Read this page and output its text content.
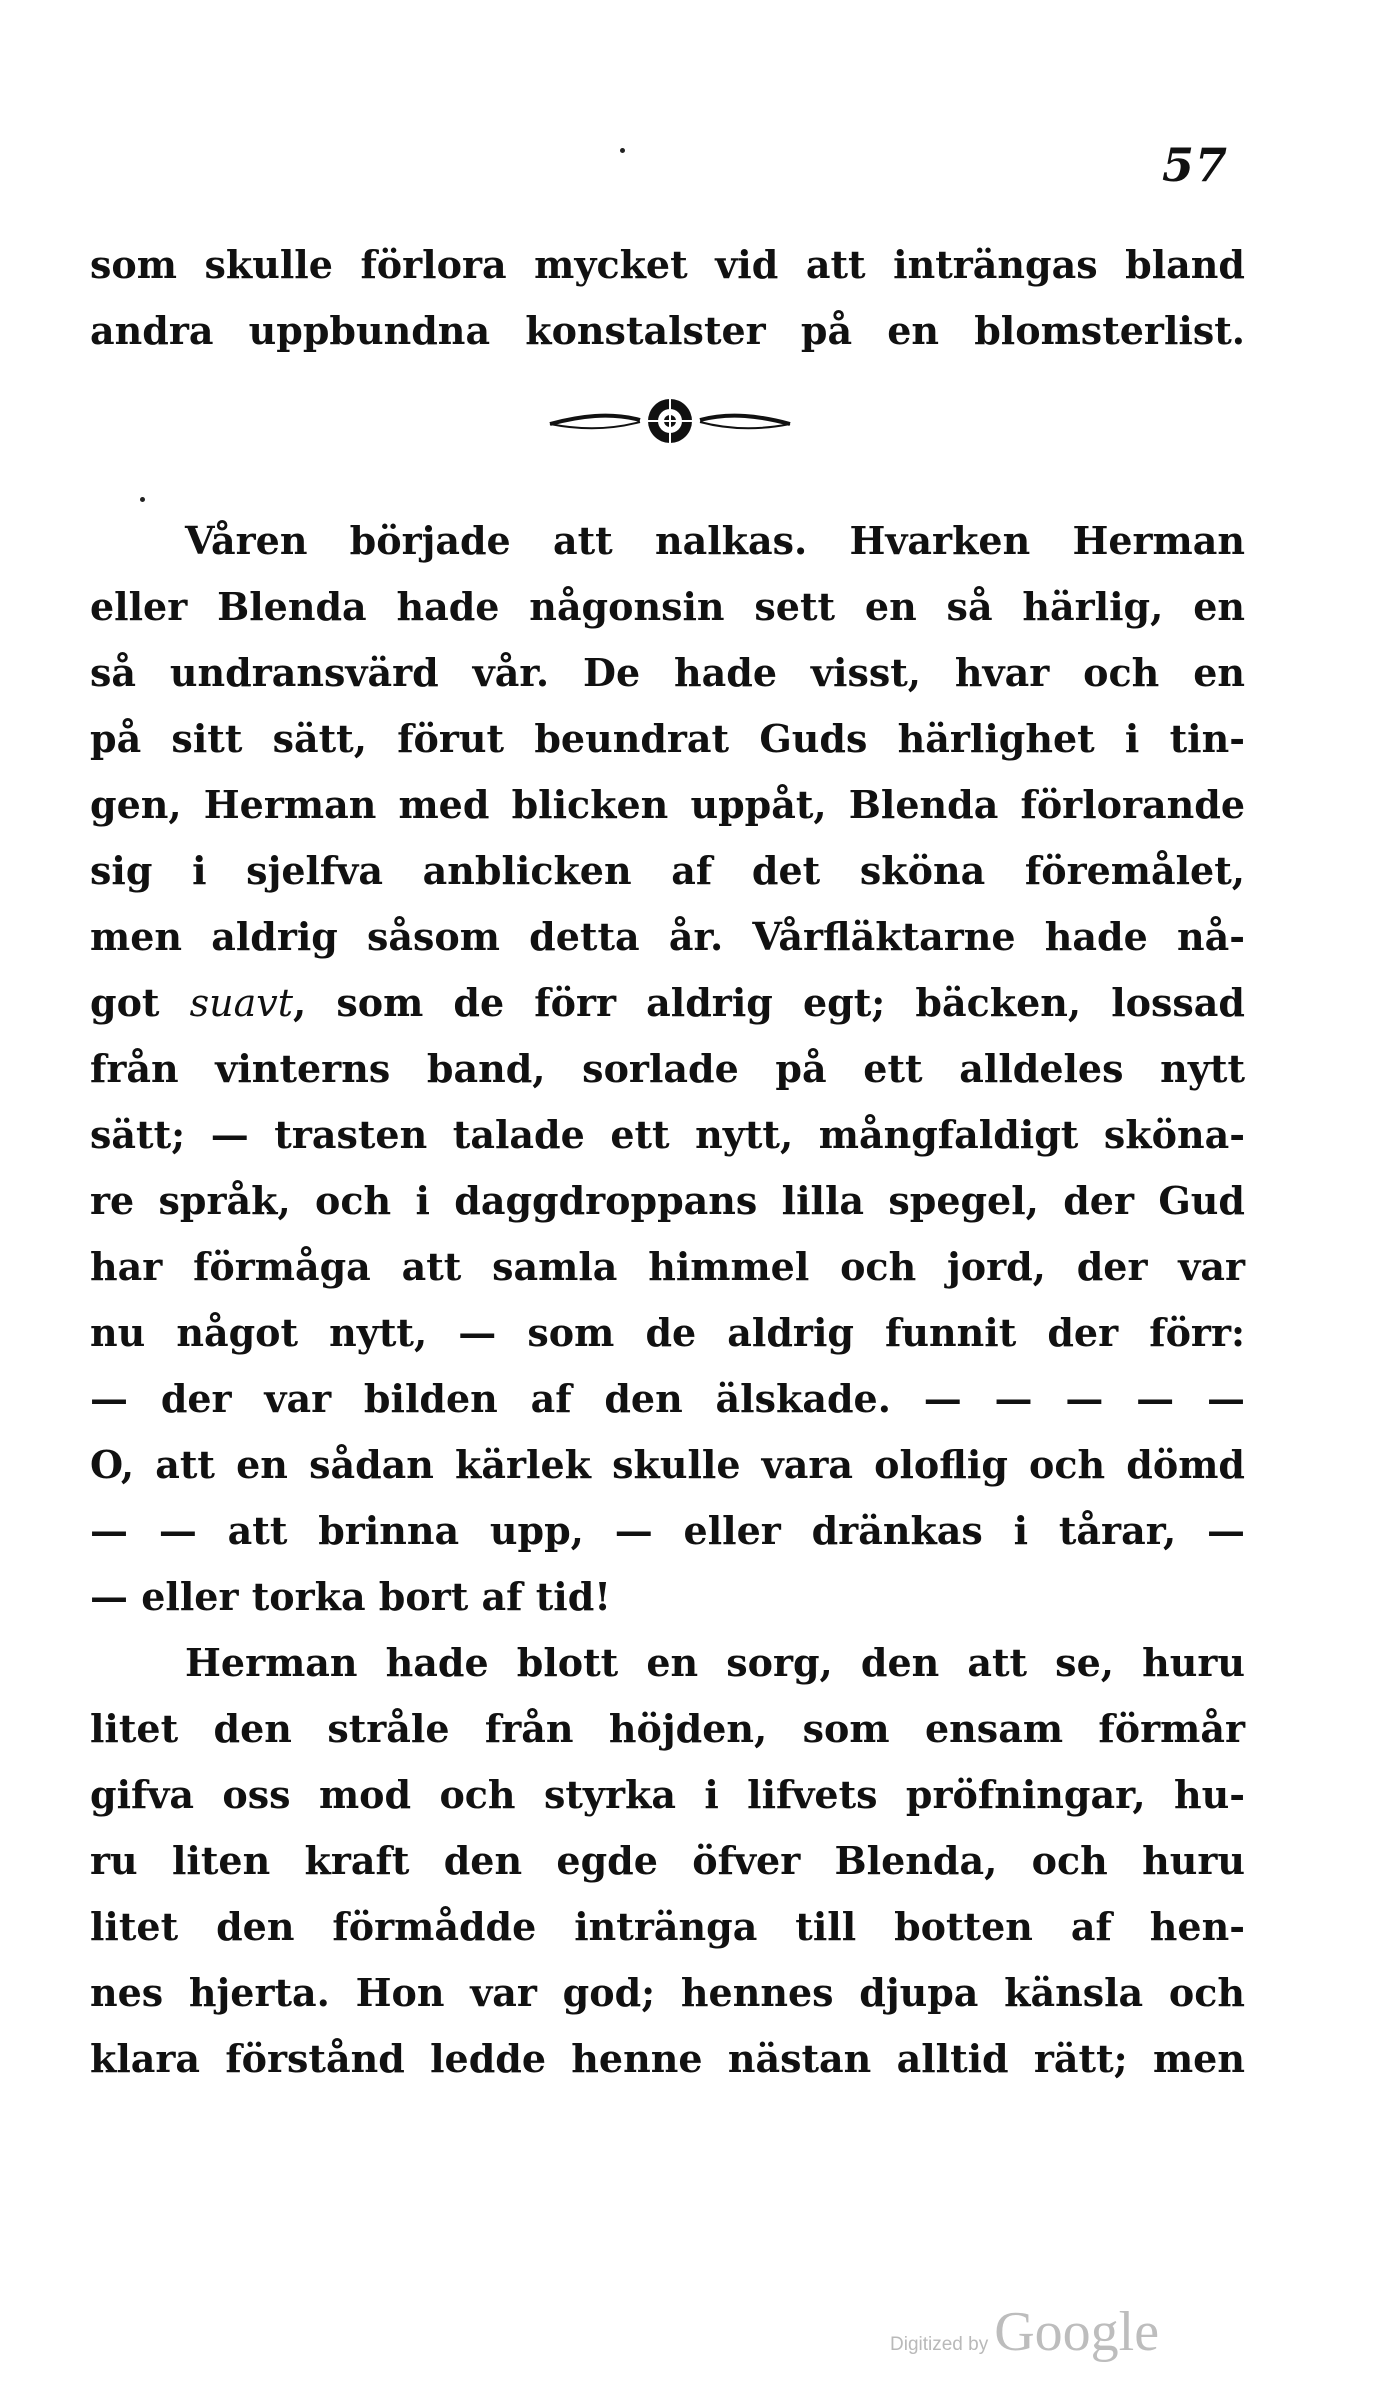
57
som skulle förlora mycket vid att inträngas bland
andra uppbundna konstalster på en blomsterlist.
Våren började att nalkas. Hvarken Herman
eller Blenda hade någonsin sett en så härlig, en
så undransvärd vår. De hade visst, hvar och en
på sitt sätt, förut beundrat Guds härlighet i tin-
gen, Herman med blicken uppåt, Blenda förlorande
sig i sjelfva anblicken af det sköna föremålet,
men aldrig såsom detta år. Vårfläktarne hade nå-
got suavt, som de förr aldrig egt; bäcken, lossad
från vinterns band, sorlade på ett alldeles nytt
sätt; — trasten talade ett nytt, mångfaldigt sköna-
re språk, och i daggdroppans lilla spegel, der Gud
har förmåga att samla himmel och jord, der var
nu något nytt, — som de aldrig funnit der förr:
— der var bilden af den älskade. — — — — —
O, att en sådan kärlek skulle vara oloflig och dömd
— — att brinna upp, — eller dränkas i tårar, —
— eller torka bort af tid!
Herman hade blott en sorg, den att se, huru
litet den stråle från höjden, som ensam förmår
gifva oss mod och styrka i lifvets pröfningar, hu-
ru liten kraft den egde öfver Blenda, och huru
litet den förmådde intränga till botten af hen-
nes hjerta. Hon var god; hennes djupa känsla och
klara förstånd ledde henne nästan alltid rätt; men
Digitized by Google
